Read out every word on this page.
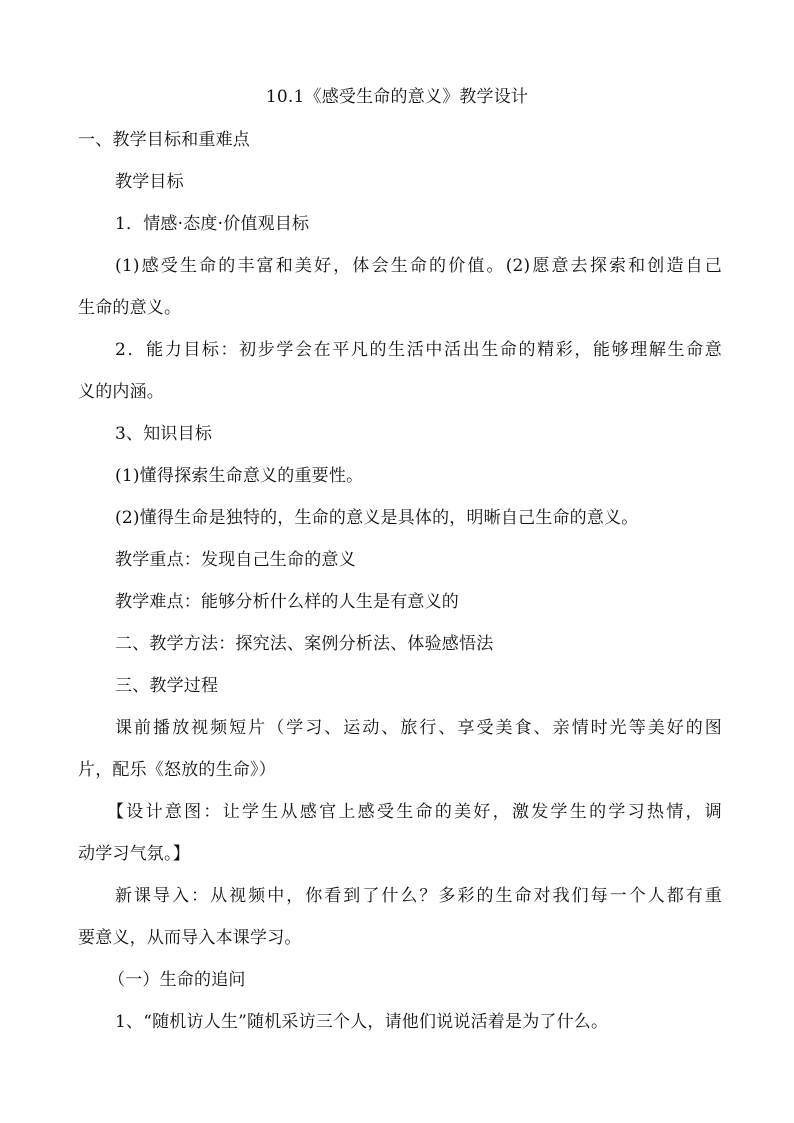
10.1《感受生命的意义》教学设计
一、教学目标和重难点
教学目标
1．情感·态度·价值观目标
(1)感受生命的丰富和美好，体会生命的价值。(2)愿意去探索和创造自己
生命的意义。
2．能力目标：初步学会在平凡的生活中活出生命的精彩，能够理解生命意
义的内涵。
3、知识目标
(1)懂得探索生命意义的重要性。
(2)懂得生命是独特的，生命的意义是具体的，明晰自己生命的意义。
教学重点：发现自己生命的意义
教学难点：能够分析什么样的人生是有意义的
二、教学方法：探究法、案例分析法、体验感悟法
三、教学过程
课前播放视频短片（学习、运动、旅行、享受美食、亲情时光等美好的图
片，配乐《怒放的生命》）
【设计意图：让学生从感官上感受生命的美好，激发学生的学习热情，调
动学习气氛。】
新课导入：从视频中，你看到了什么？多彩的生命对我们每一个人都有重
要意义，从而导入本课学习。
（一）生命的追问
1、“随机访人生”随机采访三个人，请他们说说活着是为了什么。
